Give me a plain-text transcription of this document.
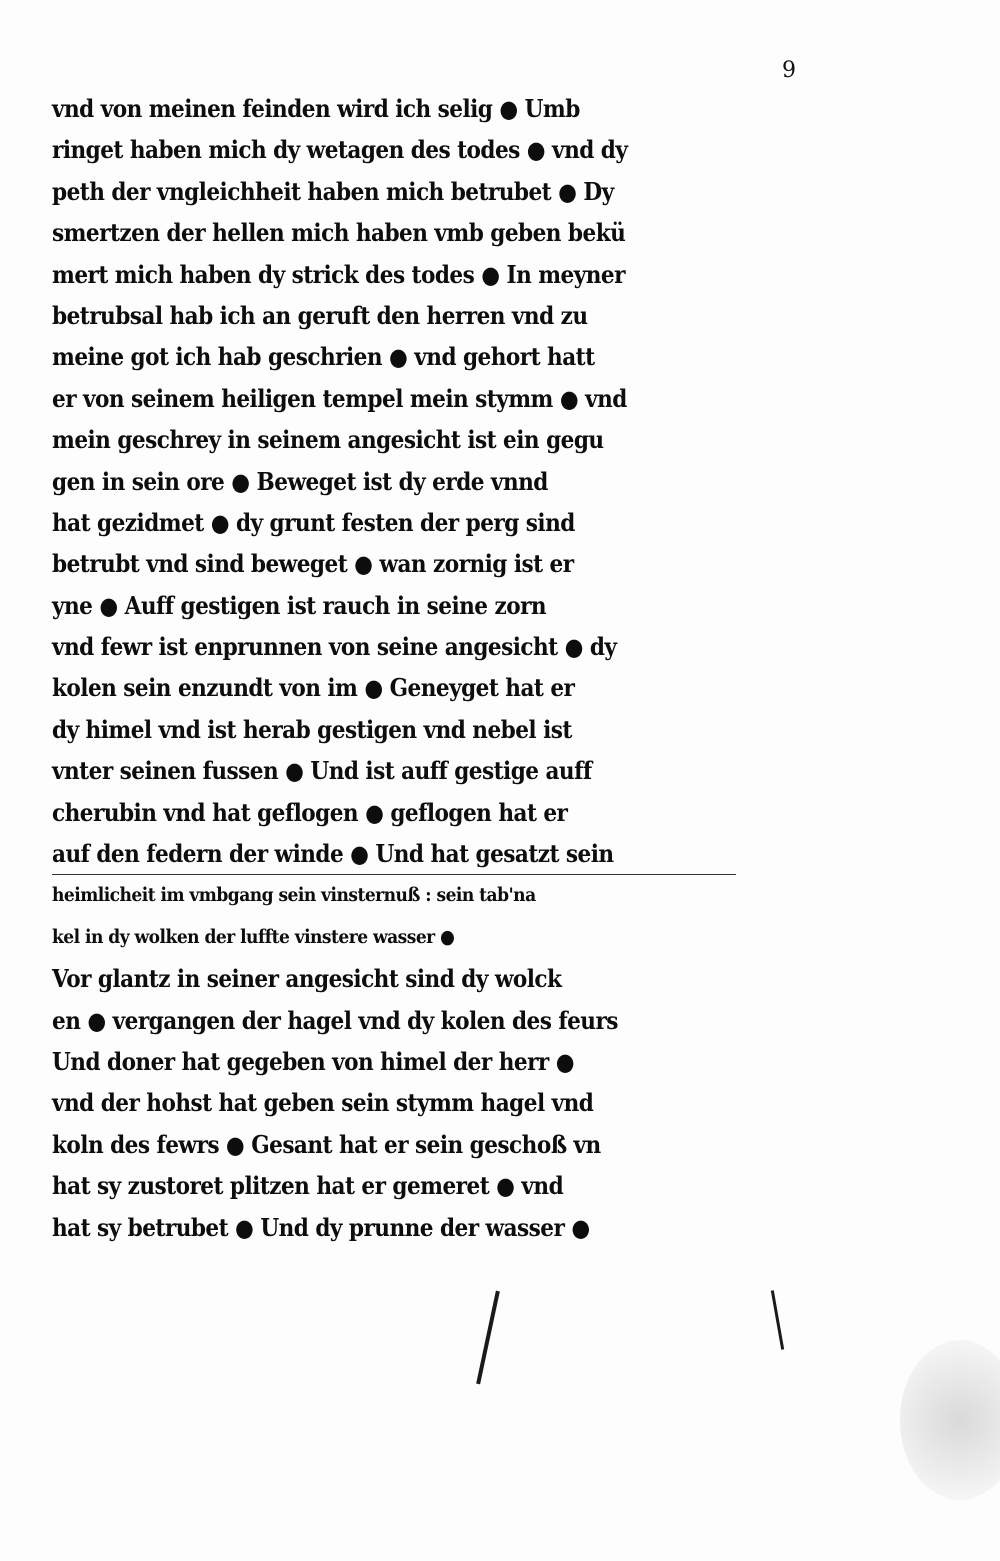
9
vnd von meinen feinden wird ich selig ● Umb
ringet haben mich dy wetagen des todes ● vnd dy
peth der vngleichheit haben mich betrubet ● Dy
smertzen der hellen mich haben vmb geben bekü
mert mich haben dy strick des todes ● In meyner
betrubsal hab ich an geruft den herren vnd zu
meine got ich hab geschrien ● vnd gehort hatt
er von seinem heiligen tempel mein stymm ● vnd
mein geschrey in seinem angesicht ist ein gegu
gen in sein ore ● Beweget ist dy erde vnnd
hat gezidmet ● dy grunt festen der perg sind
betrubt vnd sind beweget ● wan zornig ist er
yne ● Auff gestigen ist rauch in seine zorn
vnd fewr ist enprunnen von seine angesicht ● dy
kolen sein enzundt von im ● Geneyget hat er
dy himel vnd ist herab gestigen vnd nebel ist
vnter seinen fussen ● Und ist auff gestige auff
cherubin vnd hat geflogen ● geflogen hat er
auf den federn der winde ● Und hat gesatzt sein
heimlicheit im vmbgang sein vinsternuß : sein tab'na
kel in dy wolken der luffte vinstere wasser ●
Vor glantz in seiner angesicht sind dy wolck
en ● vergangen der hagel vnd dy kolen des feurs
Und doner hat gegeben von himel der herr ●
vnd der hohst hat geben sein stymm hagel vnd
koln des fewrs ● Gesant hat er sein geschoß vn
hat sy zustoret plitzen hat er gemeret ● vnd
hat sy betrubet ● Und dy prunne der wasser ●
